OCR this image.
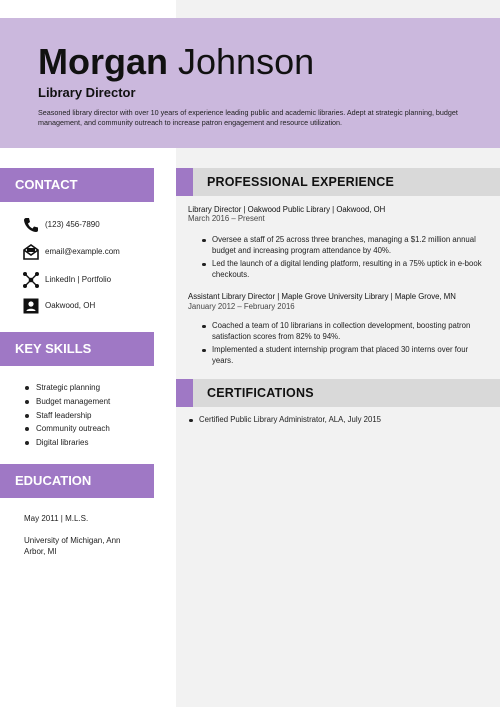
Morgan Johnson
Library Director
Seasoned library director with over 10 years of experience leading public and academic libraries. Adept at strategic planning, budget management, and community outreach to increase patron engagement and resource utilization.
CONTACT
(123) 456-7890
email@example.com
LinkedIn | Portfolio
Oakwood, OH
KEY SKILLS
Strategic planning
Budget management
Staff leadership
Community outreach
Digital libraries
EDUCATION
May 2011 | M.L.S.
University of Michigan, Ann Arbor, MI
PROFESSIONAL EXPERIENCE
Library Director | Oakwood Public Library | Oakwood, OH
March 2016 – Present
Oversee a staff of 25 across three branches, managing a $1.2 million annual budget and increasing program attendance by 40%.
Led the launch of a digital lending platform, resulting in a 75% uptick in e-book checkouts.
Assistant Library Director | Maple Grove University Library | Maple Grove, MN
January 2012 – February 2016
Coached a team of 10 librarians in collection development, boosting patron satisfaction scores from 82% to 94%.
Implemented a student internship program that placed 30 interns over four years.
CERTIFICATIONS
Certified Public Library Administrator, ALA, July 2015
